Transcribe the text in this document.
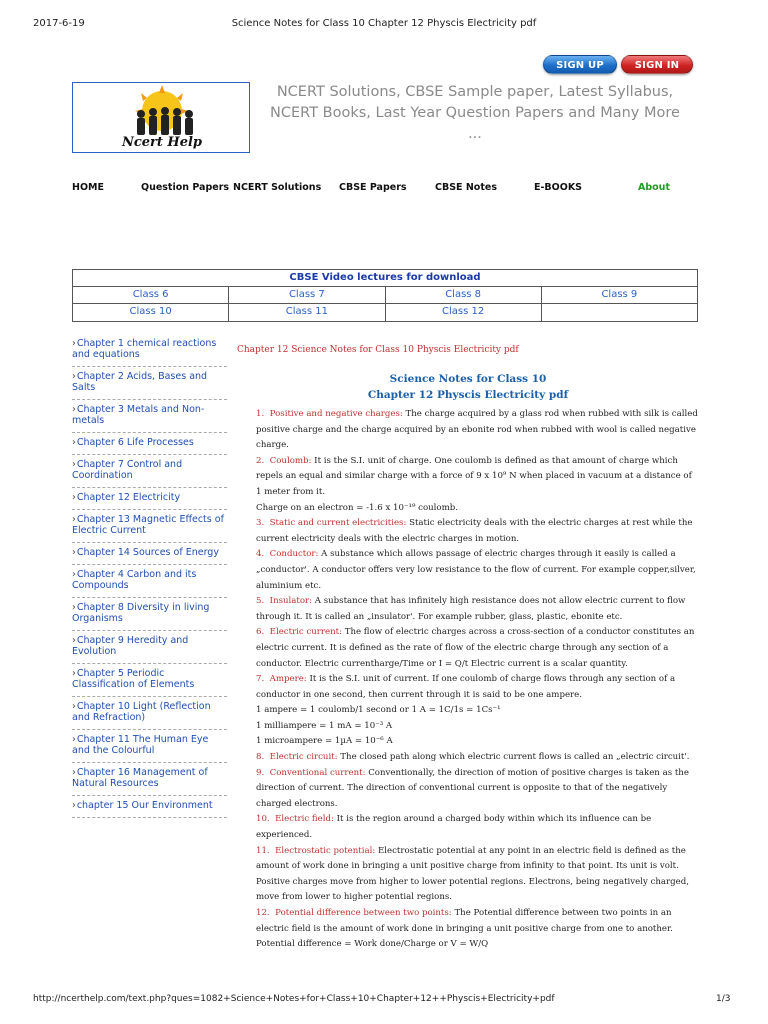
2017-6-19	Science Notes for Class 10 Chapter 12 Physcis Electricity pdf
SIGN UP	SIGN IN
Ncert Help
NCERT Solutions, CBSE Sample paper, Latest Syllabus,
NCERT Books, Last Year Question Papers and Many More
...
HOME	Question Papers NCERT Solutions CBSE Papers	CBSE Notes	E-BOOKS	About
CBSE Video lectures for download
Class 6	Class 7	Class 8	Class 9
Class 10	Class 11	Class 12
› Chapter 1 chemical reactions and equations
› Chapter 2 Acids, Bases and Salts
› Chapter 3 Metals and Non-metals
› Chapter 6 Life Processes
› Chapter 7 Control and Coordination
› Chapter 12 Electricity
› Chapter 13 Magnetic Effects of Electric Current
› Chapter 14 Sources of Energy
› Chapter 4 Carbon and its Compounds
› Chapter 8 Diversity in living Organisms
› Chapter 9 Heredity and Evolution
› Chapter 5 Periodic Classification of Elements
› Chapter 10 Light (Reflection and Refraction)
› Chapter 11 The Human Eye and the Colourful
› Chapter 16 Management of Natural Resources
› chapter 15 Our Environment
Chapter 12 Science Notes for Class 10 Physcis Electricity pdf
Science Notes for Class 10
Chapter 12 Physcis Electricity pdf
1. Positive and negative charges: The charge acquired by a glass rod when rubbed with silk is called positive charge and the charge acquired by an ebonite rod when rubbed with wool is called negative charge.
2. Coulomb: It is the S.I. unit of charge. One coulomb is defined as that amount of charge which repels an equal and similar charge with a force of 9 x 10⁹ N when placed in vacuum at a distance of 1 meter from it.
Charge on an electron = -1.6 x 10⁻¹⁹ coulomb.
3. Static and current electricities: Static electricity deals with the electric charges at rest while the current electricity deals with the electric charges in motion.
4. Conductor: A substance which allows passage of electric charges through it easily is called a „conductor'. A conductor offers very low resistance to the flow of current. For example copper,silver, aluminium etc.
5. Insulator: A substance that has infinitely high resistance does not allow electric current to flow through it. It is called an „insulator'. For example rubber, glass, plastic, ebonite etc.
6. Electric current: The flow of electric charges across a cross-section of a conductor constitutes an electric current. It is defined as the rate of flow of the electric charge through any section of a conductor. Electric currentharge/Time or I = Q/t Electric current is a scalar quantity.
7. Ampere: It is the S.I. unit of current. If one coulomb of charge flows through any section of a conductor in one second, then current through it is said to be one ampere.
1 ampere = 1 coulomb/1 second or 1 A = 1C/1s = 1Cs⁻¹
1 milliampere = 1 mA = 10⁻³ A
1 microampere = 1µA = 10⁻⁶ A
8. Electric circuit: The closed path along which electric current flows is called an „electric circuit'.
9. Conventional current: Conventionally, the direction of motion of positive charges is taken as the direction of current. The direction of conventional current is opposite to that of the negatively charged electrons.
10. Electric field: It is the region around a charged body within which its influence can be experienced.
11. Electrostatic potential: Electrostatic potential at any point in an electric field is defined as the amount of work done in bringing a unit positive charge from infinity to that point. Its unit is volt. Positive charges move from higher to lower potential regions. Electrons, being negatively charged, move from lower to higher potential regions.
12. Potential difference between two points: The Potential difference between two points in an electric field is the amount of work done in bringing a unit positive charge from one to another.
Potential difference = Work done/Charge or V = W/Q
http://ncerthelp.com/text.php?ques=1082+Science+Notes+for+Class+10+Chapter+12++Physcis+Electricity+pdf	1/3
